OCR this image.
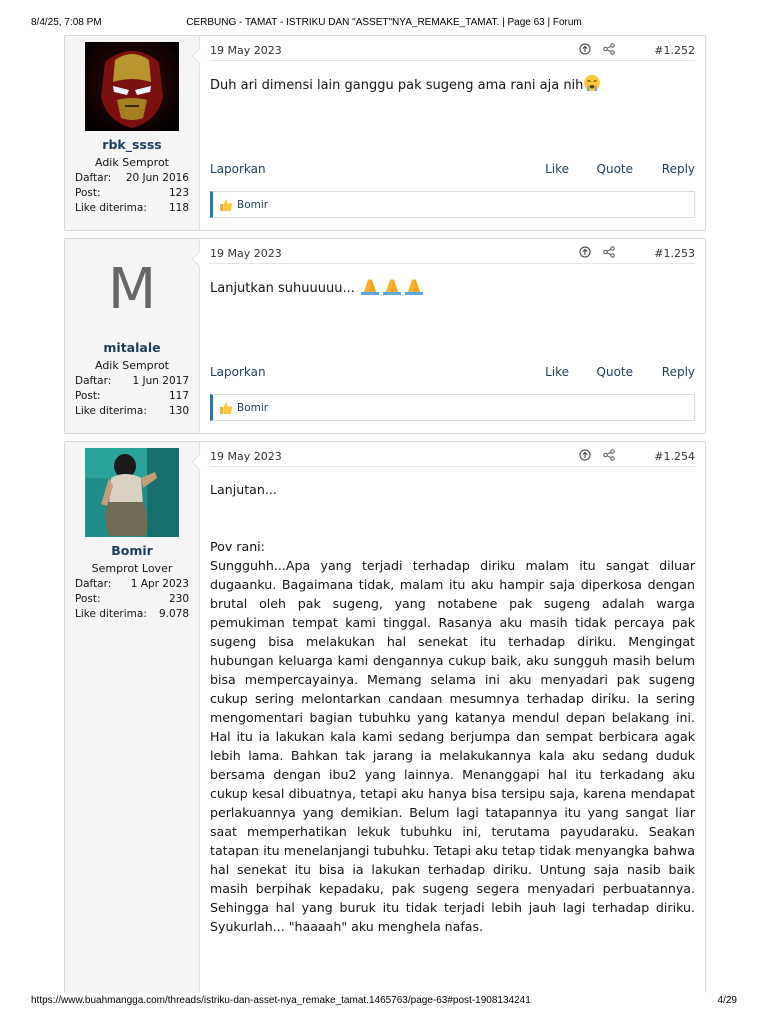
8/4/25, 7:08 PM	CERBUNG - TAMAT - ISTRIKU DAN "ASSET"NYA_REMAKE_TAMAT. | Page 63 | Forum
rbk_ssss
Adik Semprot
Daftar: 20 Jun 2016
Post:	123
Like diterima: 118
19 May 2023	#1.252
Duh ari dimensi lain ganggu pak sugeng ama rani aja nih
Laporkan	Like Quote Reply
Bomir
M
mitalale
Adik Semprot
Daftar: 1 Jun 2017
Post:	117
Like diterima: 130
19 May 2023	#1.253
Lanjutkan suhuuuuu...
Laporkan	Like Quote Reply
Bomir
Bomir
Semprot Lover
Daftar: 1 Apr 2023
Post:	230
Like diterima: 9.078
19 May 2023	#1.254

Lanjutan...

Pov rani:

Sungguhh...Apa yang terjadi terhadap diriku malam itu sangat diluar dugaanku. Bagaimana tidak, malam itu aku hampir saja diperkosa dengan brutal oleh pak sugeng, yang notabene pak sugeng adalah warga pemukiman tempat kami tinggal. Rasanya aku masih tidak percaya pak sugeng bisa melakukan hal senekat itu terhadap diriku. Mengingat hubungan keluarga kami dengannya cukup baik, aku sungguh masih belum bisa mempercayainya. Memang selama ini aku menyadari pak sugeng cukup sering melontarkan candaan mesumnya terhadap diriku. Ia sering mengomentari bagian tubuhku yang katanya mendul depan belakang ini. Hal itu ia lakukan kala kami sedang berjumpa dan sempat berbicara agak lebih lama. Bahkan tak jarang ia melakukannya kala aku sedang duduk bersama dengan ibu2 yang lainnya. Menanggapi hal itu terkadang aku cukup kesal dibuatnya, tetapi aku hanya bisa tersipu saja, karena mendapat perlakuannya yang demikian. Belum lagi tatapannya itu yang sangat liar saat memperhatikan lekuk tubuhku ini, terutama payudaraku. Seakan tatapan itu menelanjangi tubuhku. Tetapi aku tetap tidak menyangka bahwa hal senekat itu bisa ia lakukan terhadap diriku. Untung saja nasib baik masih berpihak kepadaku, pak sugeng segera menyadari perbuatannya. Sehingga hal yang buruk itu tidak terjadi lebih jauh lagi terhadap diriku. Syukurlah... "haaaah" aku menghela nafas.

https://www.buahmangga.com/threads/istriku-dan-asset-nya_remake_tamat.1465763/page-63#post-1908134241	4/29
